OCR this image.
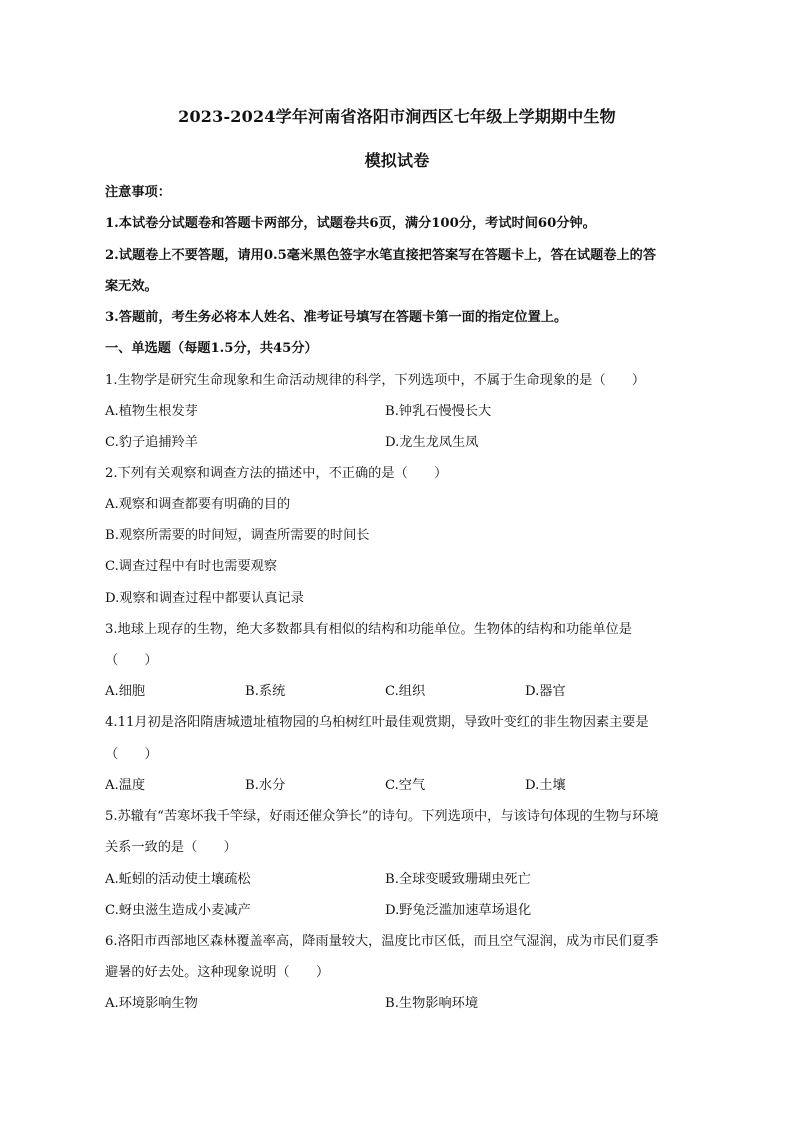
2023-2024学年河南省洛阳市涧西区七年级上学期期中生物
模拟试卷
注意事项：
1.本试卷分试题卷和答题卡两部分，试题卷共6页，满分100分，考试时间60分钟。
2.试题卷上不要答题，请用0.5毫米黑色签字水笔直接把答案写在答题卡上，答在试题卷上的答
案无效。
3.答题前，考生务必将本人姓名、准考证号填写在答题卡第一面的指定位置上。
一、单选题（每题1.5分，共45分）
1.生物学是研究生命现象和生命活动规律的科学，下列选项中，不属于生命现象的是（　　）
A.植物生根发芽	B.钟乳石慢慢长大
C.豹子追捕羚羊	D.龙生龙凤生凤
2.下列有关观察和调查方法的描述中，不正确的是（　　）
A.观察和调查都要有明确的目的
B.观察所需要的时间短，调查所需要的时间长
C.调查过程中有时也需要观察
D.观察和调查过程中都要认真记录
3.地球上现存的生物，绝大多数都具有相似的结构和功能单位。生物体的结构和功能单位是
（　　）
A.细胞	B.系统	C.组织	D.器官
4.11月初是洛阳隋唐城遗址植物园的乌桕树红叶最佳观赏期，导致叶变红的非生物因素主要是
（　　）
A.温度	B.水分	C.空气	D.土壤
5.苏辙有“苦寒坏我千竿绿，好雨还催众笋长”的诗句。下列选项中，与该诗句体现的生物与环境
关系一致的是（　　）
A.蚯蚓的活动使土壤疏松	B.全球变暖致珊瑚虫死亡
C.蚜虫滋生造成小麦减产	D.野兔泛滥加速草场退化
6.洛阳市西部地区森林覆盖率高，降雨量较大，温度比市区低，而且空气湿润，成为市民们夏季
避暑的好去处。这种现象说明（　　）
A.环境影响生物	B.生物影响环境
